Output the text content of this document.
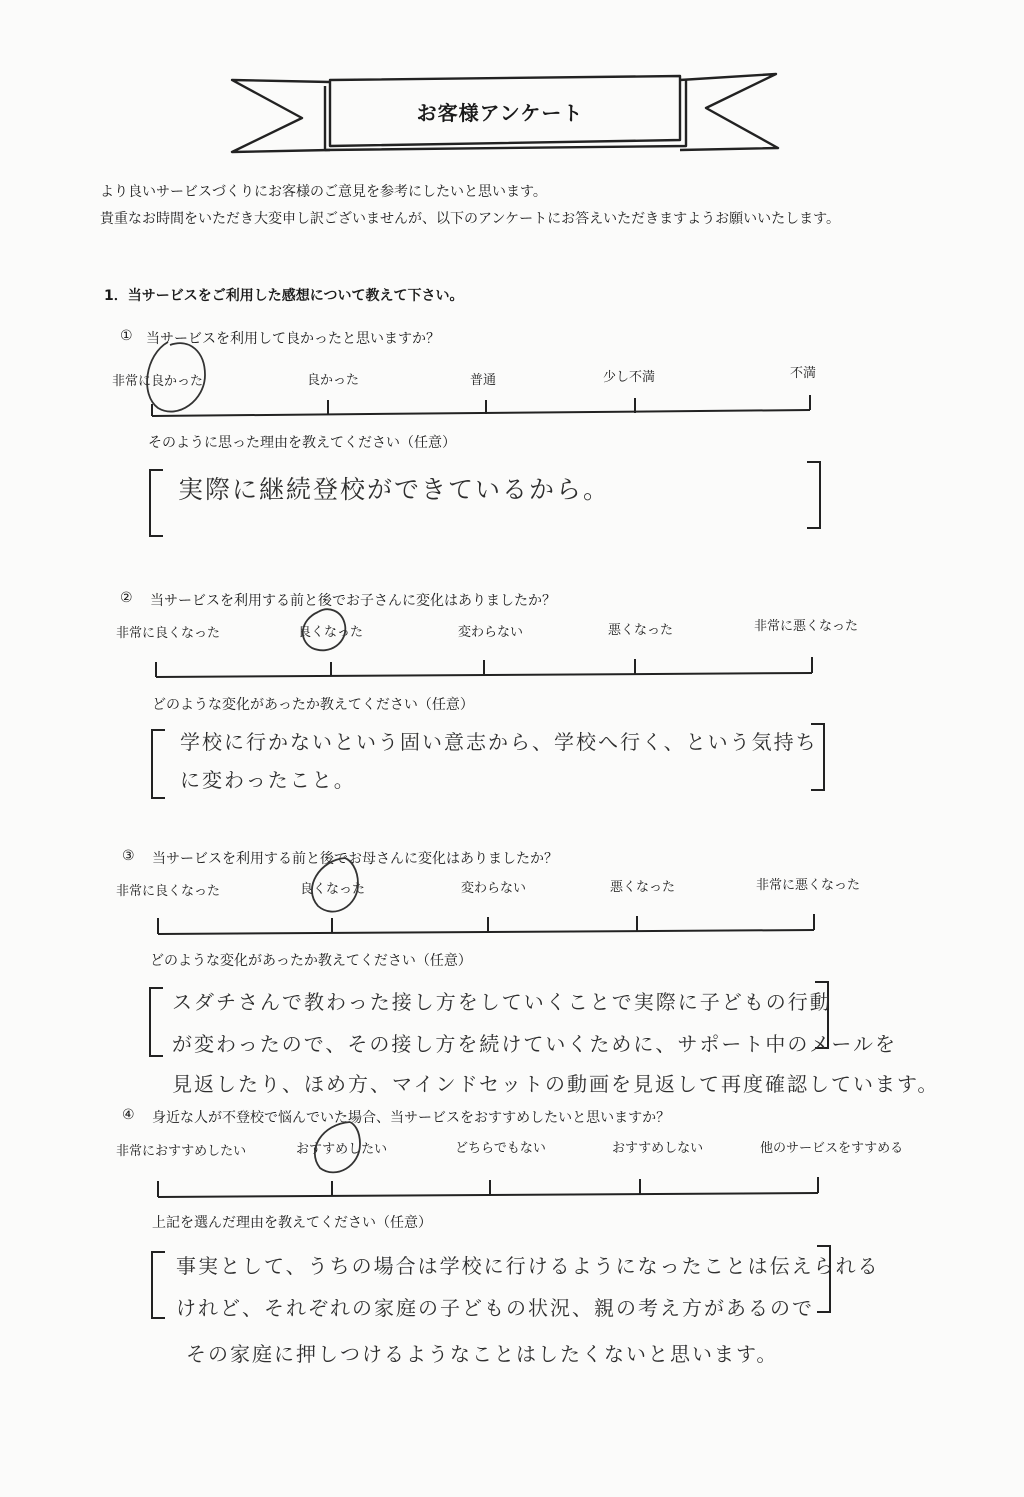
お客様アンケート
より良いサービスづくりにお客様のご意見を参考にしたいと思います。
貴重なお時間をいただき大変申し訳ございませんが、以下のアンケートにお答えいただきますようお願いいたします。
1．当サービスをご利用した感想について教えて下さい。
① 当サービスを利用して良かったと思いますか？
非常に良かった	良かった	普通	少し不満	不満
そのように思った理由を教えてください（任意）
実際に継続登校ができているから。
② 当サービスを利用する前と後でお子さんに変化はありましたか？
非常に良くなった	良くなった	変わらない	悪くなった	非常に悪くなった
どのような変化があったか教えてください（任意）
学校に行かないという固い意志から、学校へ行く、という気持ち
に変わったこと。
③ 当サービスを利用する前と後でお母さんに変化はありましたか？
非常に良くなった	良くなった	変わらない	悪くなった	非常に悪くなった
どのような変化があったか教えてください（任意）
スダチさんで教わった接し方をしていくことで実際に子どもの行動
が変わったので、その接し方を続けていくために、サポート中のメールを
見返したり、ほめ方、マインドセットの動画を見返して再度確認しています。
④ 身近な人が不登校で悩んでいた場合、当サービスをおすすめしたいと思いますか？
非常におすすめしたい	おすすめしたい	どちらでもない	おすすめしない	他のサービスをすすめる
上記を選んだ理由を教えてください（任意）
事実として、うちの場合は学校に行けるようになったことは伝えられる
けれど、それぞれの家庭の子どもの状況、親の考え方があるので
その家庭に押しつけるようなことはしたくないと思います。
